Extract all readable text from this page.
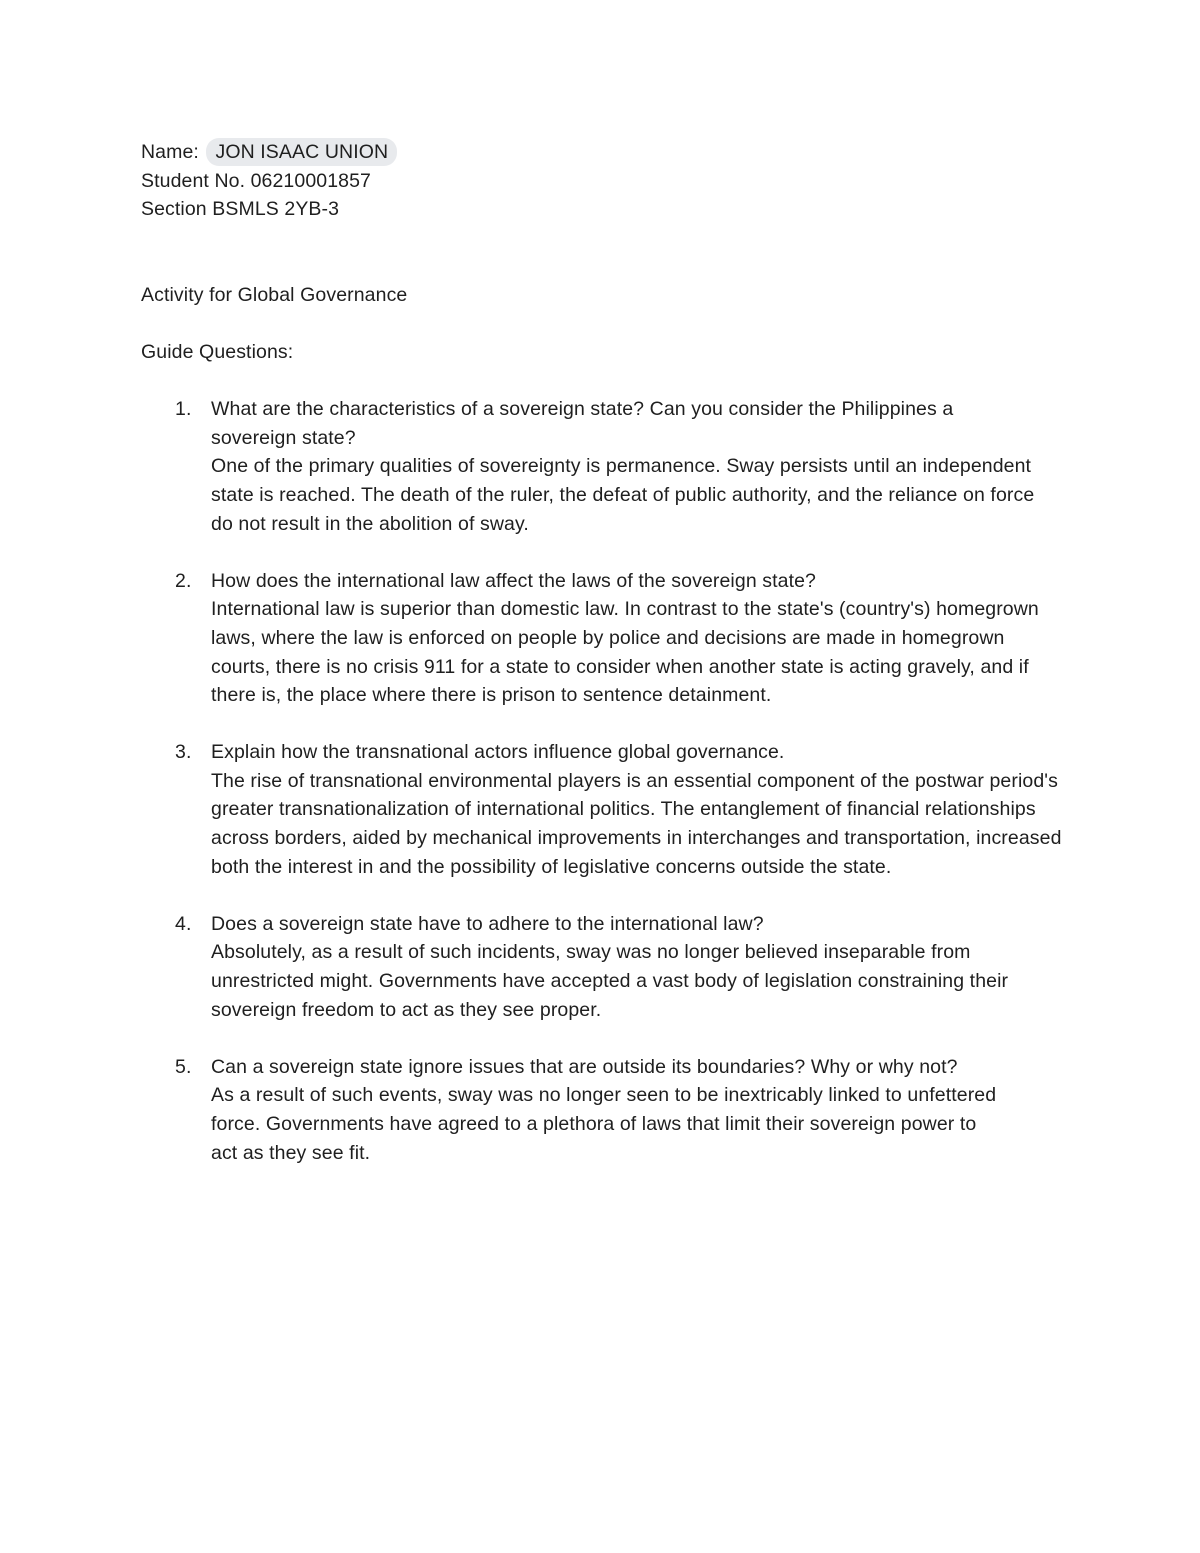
Name: JON ISAAC UNION
Student No. 06210001857
Section BSMLS 2YB-3
Activity for Global Governance
Guide Questions:
1. What are the characteristics of a sovereign state? Can you consider the Philippines a sovereign state?
One of the primary qualities of sovereignty is permanence. Sway persists until an independent state is reached. The death of the ruler, the defeat of public authority, and the reliance on force do not result in the abolition of sway.
2. How does the international law affect the laws of the sovereign state?
International law is superior than domestic law. In contrast to the state's (country's) homegrown laws, where the law is enforced on people by police and decisions are made in homegrown courts, there is no crisis 911 for a state to consider when another state is acting gravely, and if there is, the place where there is prison to sentence detainment.
3. Explain how the transnational actors influence global governance.
The rise of transnational environmental players is an essential component of the postwar period's greater transnationalization of international politics. The entanglement of financial relationships across borders, aided by mechanical improvements in interchanges and transportation, increased both the interest in and the possibility of legislative concerns outside the state.
4. Does a sovereign state have to adhere to the international law?
Absolutely, as a result of such incidents, sway was no longer believed inseparable from unrestricted might. Governments have accepted a vast body of legislation constraining their sovereign freedom to act as they see proper.
5. Can a sovereign state ignore issues that are outside its boundaries? Why or why not?
As a result of such events, sway was no longer seen to be inextricably linked to unfettered force. Governments have agreed to a plethora of laws that limit their sovereign power to act as they see fit.
